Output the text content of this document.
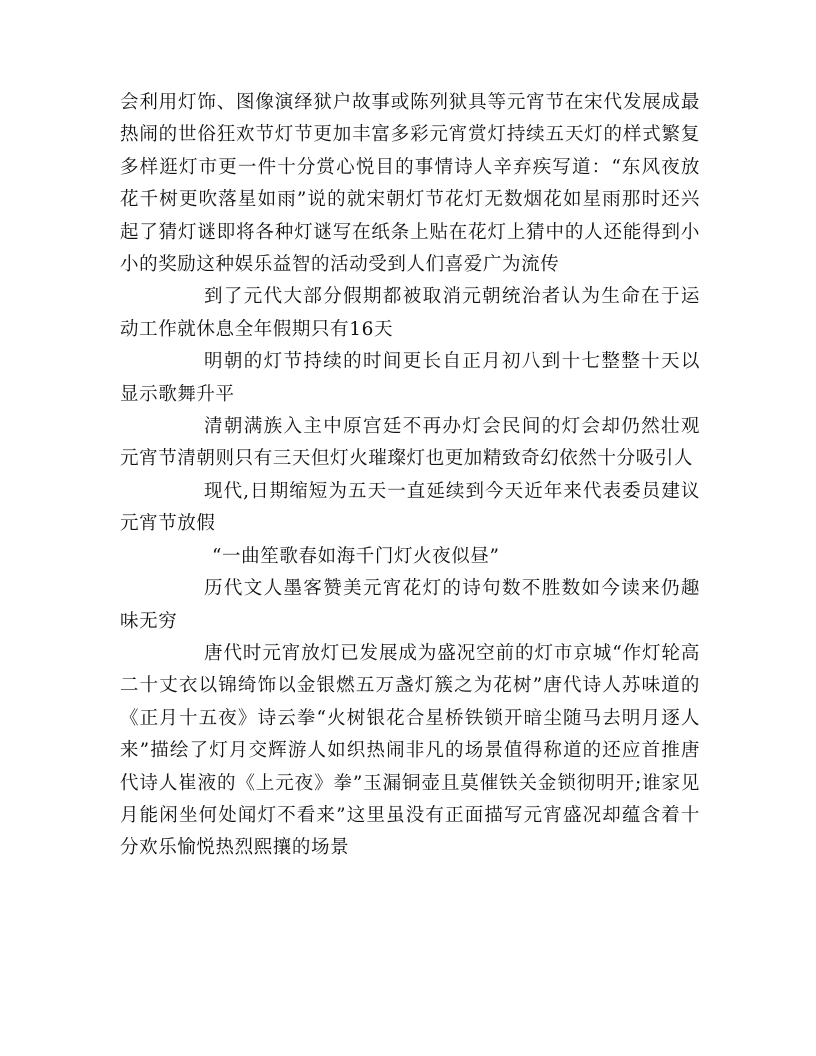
会利用灯饰、图像演绎狱户故事或陈列狱具等元宵节在宋代发展成最热闹的世俗狂欢节灯节更加丰富多彩元宵赏灯持续五天灯的样式繁复多样逛灯市更一件十分赏心悦目的事情诗人辛弃疾写道：“东风夜放花千树更吹落星如雨”说的就宋朝灯节花灯无数烟花如星雨那时还兴起了猜灯谜即将各种灯谜写在纸条上贴在花灯上猜中的人还能得到小小的奖励这种娱乐益智的活动受到人们喜爱广为流传

到了元代大部分假期都被取消元朝统治者认为生命在于运动工作就休息全年假期只有16天

明朝的灯节持续的时间更长自正月初八到十七整整十天以显示歌舞升平

清朝满族入主中原宫廷不再办灯会民间的灯会却仍然壮观元宵节清朝则只有三天但灯火璀璨灯也更加精致奇幻依然十分吸引人

现代,日期缩短为五天一直延续到今天近年来代表委员建议元宵节放假

“一曲笙歌春如海千门灯火夜似昼”

历代文人墨客赞美元宵花灯的诗句数不胜数如今读来仍趣味无穷

唐代时元宵放灯已发展成为盛况空前的灯市京城“作灯轮高二十丈衣以锦绮饰以金银燃五万盏灯簇之为花树”唐代诗人苏味道的《正月十五夜》诗云拳“火树银花合星桥铁锁开暗尘随马去明月逐人来”描绘了灯月交辉游人如织热闹非凡的场景值得称道的还应首推唐代诗人崔液的《上元夜》拳”玉漏铜壶且莫催铁关金锁彻明开;谁家见月能闲坐何处闻灯不看来”这里虽没有正面描写元宵盛况却蕴含着十分欢乐愉悦热烈熙攘的场景
